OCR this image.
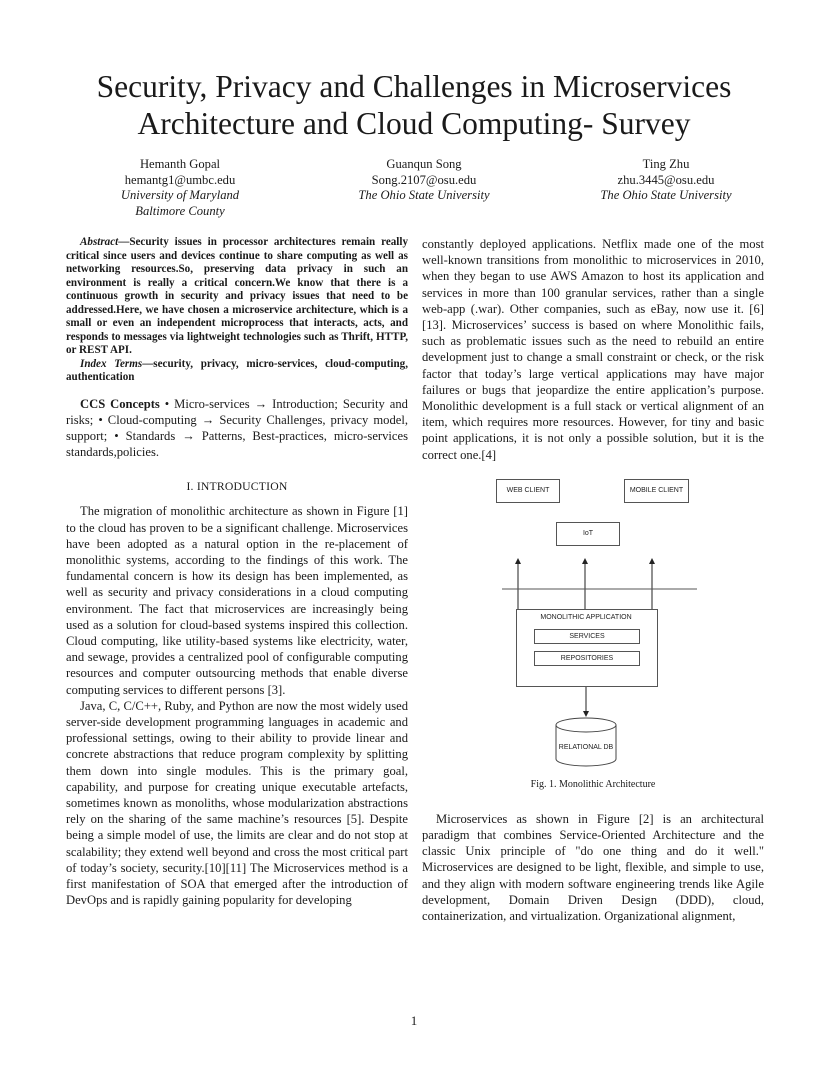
Security, Privacy and Challenges in Microservices
Architecture and Cloud Computing- Survey
Hemanth Gopal
hemantg1@umbc.edu
University of Maryland
Baltimore County
Guanqun Song
Song.2107@osu.edu
The Ohio State University
Ting Zhu
zhu.3445@osu.edu
The Ohio State University

Abstract—Security issues in processor architectures remain really critical since users and devices continue to share computing as well as networking resources.So, preserving data privacy in such an environment is really a critical concern.We know that there is a continuous growth in security and privacy issues that need to be addressed.Here, we have chosen a microservice architecture, which is a small or even an independent microprocess that interacts, acts, and responds to messages via lightweight technologies such as Thrift, HTTP, or REST API.

Index Terms—security, privacy, micro-services, cloud-computing, authentication

CCS Concepts • Micro-services → Introduction; Security and risks; • Cloud-computing → Security Challenges, privacy model, support; • Standards → Patterns, Best-practices, micro-services standards,policies.

I. INTRODUCTION

The migration of monolithic architecture as shown in Figure [1] to the cloud has proven to be a significant challenge. Microservices have been adopted as a natural option in the re-placement of monolithic systems, according to the findings of this work. The fundamental concern is how its design has been implemented, as well as security and privacy considerations in a cloud computing environment. The fact that microservices are increasingly being used as a solution for cloud-based systems inspired this collection. Cloud computing, like utility-based systems like electricity, water, and sewage, provides a centralized pool of configurable computing resources and computer outsourcing methods that enable diverse computing services to different persons [3].

Java, C, C/C++, Ruby, and Python are now the most widely used server-side development programming languages in academic and professional settings, owing to their ability to provide linear and concrete abstractions that reduce program complexity by splitting them down into single modules. This is the primary goal, capability, and purpose for creating unique executable artefacts, sometimes known as monoliths, whose modularization abstractions rely on the sharing of the same machine’s resources [5]. Despite being a simple model of use, the limits are clear and do not stop at scalability; they extend well beyond and cross the most critical part of today’s society, security.[10][11] The Microservices method is a first manifestation of SOA that emerged after the introduction of DevOps and is rapidly gaining popularity for developing

constantly deployed applications. Netflix made one of the most well-known transitions from monolithic to microservices in 2010, when they began to use AWS Amazon to host its application and services in more than 100 granular services, rather than a single web-app (.war). Other companies, such as eBay, now use it. [6][13]. Microservices’ success is based on where Monolithic fails, such as problematic issues such as the need to rebuild an entire development just to change a small constraint or check, or the risk factor that today’s large vertical applications may have major failures or bugs that jeopardize the entire application’s purpose. Monolithic development is a full stack or vertical alignment of an item, which requires more resources. However, for tiny and basic point applications, it is not only a possible solution, but it is the correct one.[4]

WEB CLIENT	MOBILE CLIENT
IoT
MONOLITHIC APPLICATION
SERVICES
REPOSITORIES
RELATIONAL DB
Fig. 1. Monolithic Architecture

Microservices as shown in Figure [2] is an architectural paradigm that combines Service-Oriented Architecture and the classic Unix principle of "do one thing and do it well." Microservices are designed to be light, flexible, and simple to use, and they align with modern software engineering trends like Agile development, Domain Driven Design (DDD), cloud, containerization, and virtualization. Organizational alignment,

1
